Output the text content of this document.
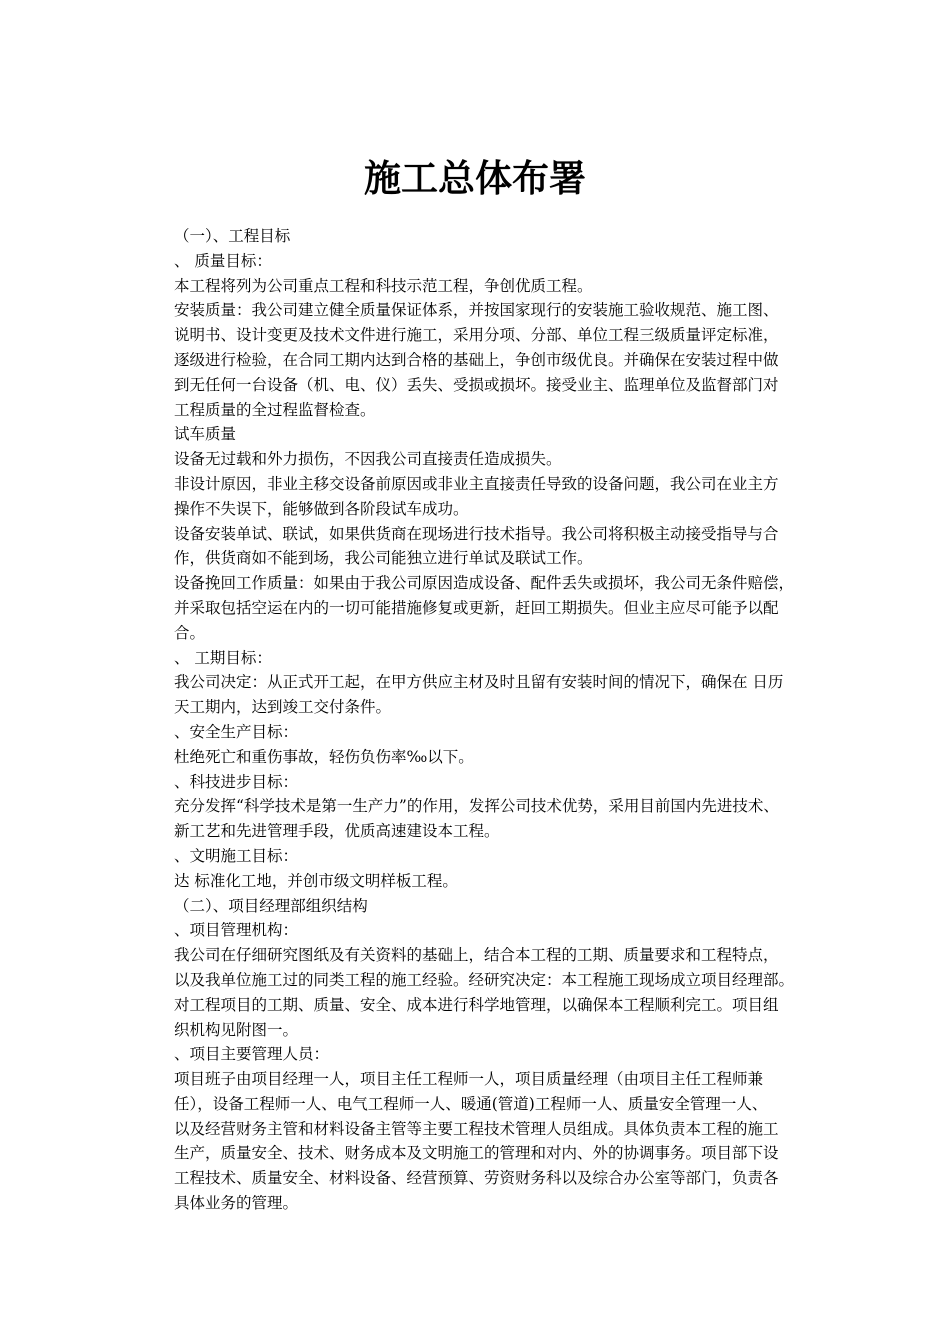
施工总体布署

（一）、工程目标

、 质量目标：

本工程将列为公司重点工程和科技示范工程，争创优质工程。

安装质量：我公司建立健全质量保证体系，并按国家现行的安装施工验收规范、施工图、

说明书、设计变更及技术文件进行施工，采用分项、分部、单位工程三级质量评定标准，

逐级进行检验，在合同工期内达到合格的基础上，争创市级优良。并确保在安装过程中做

到无任何一台设备（机、电、仪）丢失、受损或损坏。接受业主、监理单位及监督部门对

工程质量的全过程监督检查。

试车质量

设备无过载和外力损伤，不因我公司直接责任造成损失。

非设计原因，非业主移交设备前原因或非业主直接责任导致的设备问题，我公司在业主方

操作不失误下，能够做到各阶段试车成功。

设备安装单试、联试，如果供货商在现场进行技术指导。我公司将积极主动接受指导与合

作，供货商如不能到场，我公司能独立进行单试及联试工作。

设备挽回工作质量：如果由于我公司原因造成设备、配件丢失或损坏，我公司无条件赔偿，

并采取包括空运在内的一切可能措施修复或更新，赶回工期损失。但业主应尽可能予以配

合。

、 工期目标：

我公司决定：从正式开工起，在甲方供应主材及时且留有安装时间的情况下，确保在 日历

天工期内，达到竣工交付条件。

、安全生产目标：

杜绝死亡和重伤事故，轻伤负伤率‰以下。

、科技进步目标：

充分发挥“科学技术是第一生产力”的作用，发挥公司技术优势，采用目前国内先进技术、

新工艺和先进管理手段，优质高速建设本工程。

、文明施工目标：

达 标准化工地，并创市级文明样板工程。

（二）、项目经理部组织结构

、项目管理机构：

我公司在仔细研究图纸及有关资料的基础上，结合本工程的工期、质量要求和工程特点，

以及我单位施工过的同类工程的施工经验。经研究决定：本工程施工现场成立项目经理部。

对工程项目的工期、质量、安全、成本进行科学地管理，以确保本工程顺利完工。项目组

织机构见附图一。

、项目主要管理人员：

项目班子由项目经理一人，项目主任工程师一人，项目质量经理（由项目主任工程师兼

任），设备工程师一人、电气工程师一人、暖通(管道)工程师一人、质量安全管理一人、

以及经营财务主管和材料设备主管等主要工程技术管理人员组成。具体负责本工程的施工

生产，质量安全、技术、财务成本及文明施工的管理和对内、外的协调事务。项目部下设

工程技术、质量安全、材料设备、经营预算、劳资财务科以及综合办公室等部门，负责各

具体业务的管理。
